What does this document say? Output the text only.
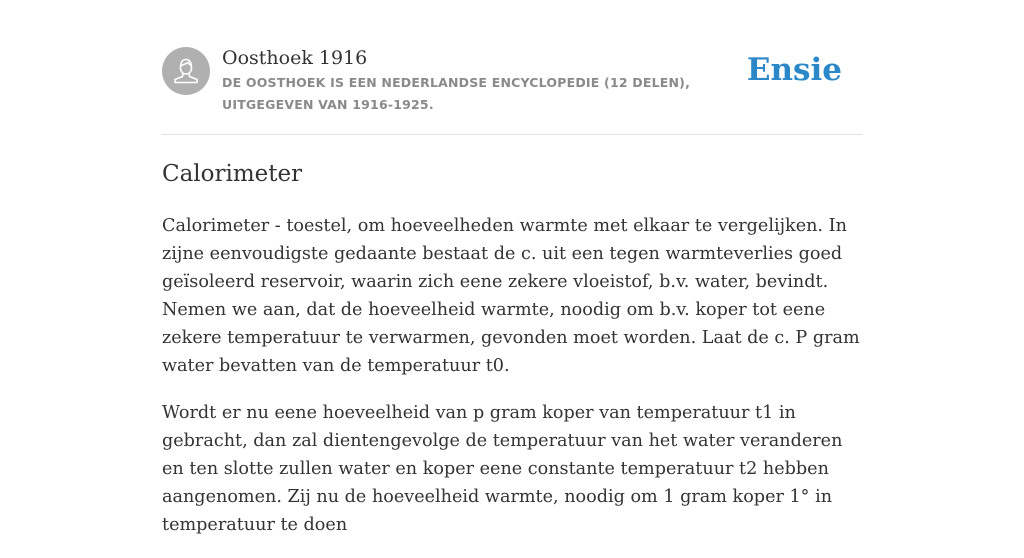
Oosthoek 1916
DE OOSTHOEK IS EEN NEDERLANDSE ENCYCLOPEDIE (12 DELEN), UITGEGEVEN VAN 1916-1925.
Ensie
Calorimeter

Calorimeter - toestel, om hoeveelheden warmte met elkaar te vergelijken. In zijne eenvoudigste gedaante bestaat de c. uit een tegen warmteverlies goed geïsoleerd reservoir, waarin zich eene zekere vloeistof, b.v. water, bevindt. Nemen we aan, dat de hoeveelheid warmte, noodig om b.v. koper tot eene zekere temperatuur te verwarmen, gevonden moet worden. Laat de c. P gram water bevatten van de temperatuur t0.

Wordt er nu eene hoeveelheid van p gram koper van temperatuur t1 in gebracht, dan zal dientengevolge de temperatuur van het water veranderen en ten slotte zullen water en koper eene constante temperatuur t2 hebben aangenomen. Zij nu de hoeveelheid warmte, noodig om 1 gram koper 1° in temperatuur te doen
